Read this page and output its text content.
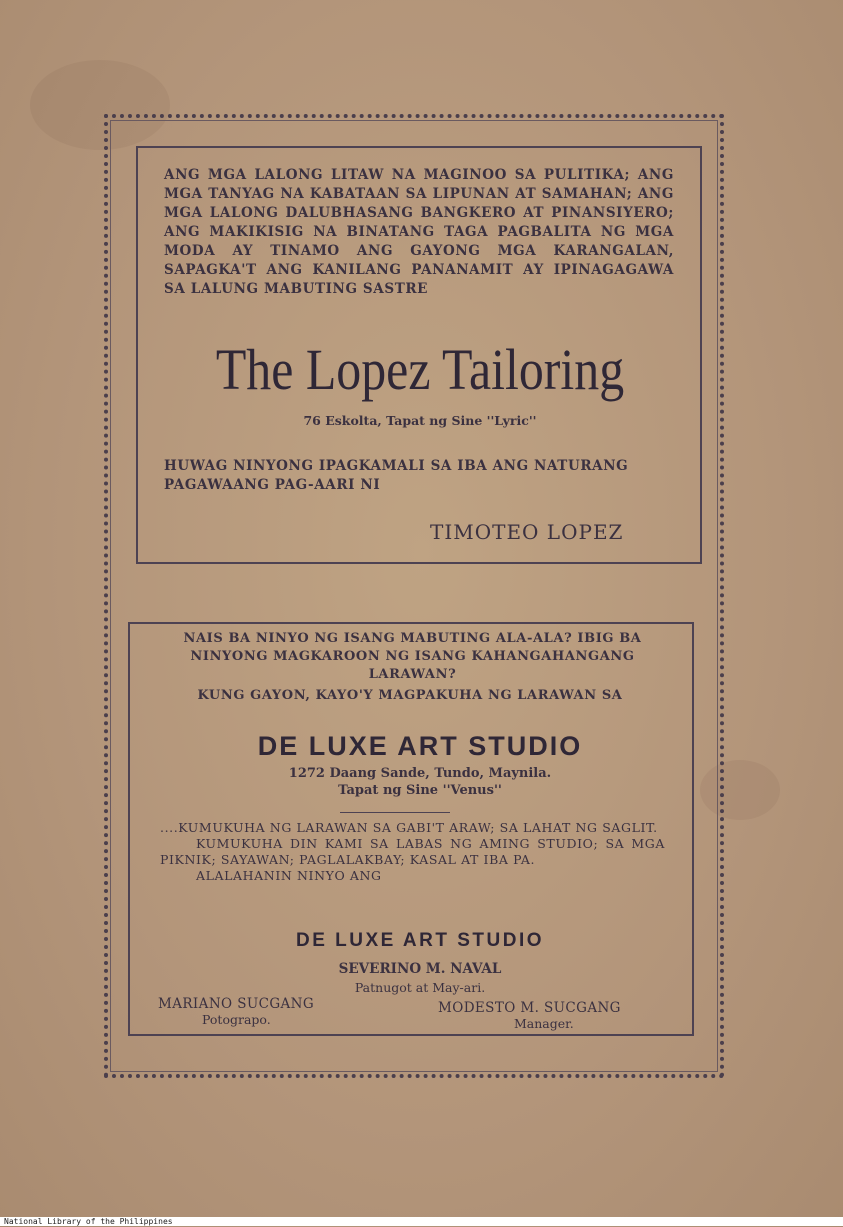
ANG MGA LALONG LITAW NA MAGINOO SA PULITIKA; ANG MGA TANYAG NA KABATAAN SA LIPUNAN AT SAMAHAN; ANG MGA LALONG DALUBHASANG BANGKERO AT PINANSIYERO; ANG MAKIKISIG NA BINATANG TAGA PAGBALITA NG MGA MODA AY TINAMO ANG GAYONG MGA KARANGALAN, SAPAGKA'T ANG KANILANG PANANAMIT AY IPINAGAGAWA SA LALUNG MABUTING SASTRE
The Lopez Tailoring
76 Eskolta, Tapat ng Sine ''Lyric''
HUWAG NINYONG IPAGKAMALI SA IBA ANG NATURANG PAGAWAANG PAG-AARI NI
TIMOTEO LOPEZ
NAIS BA NINYO NG ISANG MABUTING ALA-ALA? IBIG BA NINYONG MAGKAROON NG ISANG KAHANGAHANGANG LARAWAN?
KUNG GAYON, KAYO'Y MAGPAKUHA NG LARAWAN SA
DE LUXE ART STUDIO
1272 Daang Sande, Tundo, Maynila.
Tapat ng Sine ''Venus''
....KUMUKUHA NG LARAWAN SA GABI'T ARAW; SA LAHAT NG SAGLIT.
KUMUKUHA DIN KAMI SA LABAS NG AMING STUDIO; SA MGA PIKNIK; SAYAWAN; PAGLALAKBAY; KASAL AT IBA PA.
ALALAHANIN NINYO ANG
DE LUXE ART STUDIO
SEVERINO M. NAVAL
Patnugot at May-ari.
MARIANO SUCGANG
Potograpo.
MODESTO M. SUCGANG
Manager.
National Library of the Philippines
